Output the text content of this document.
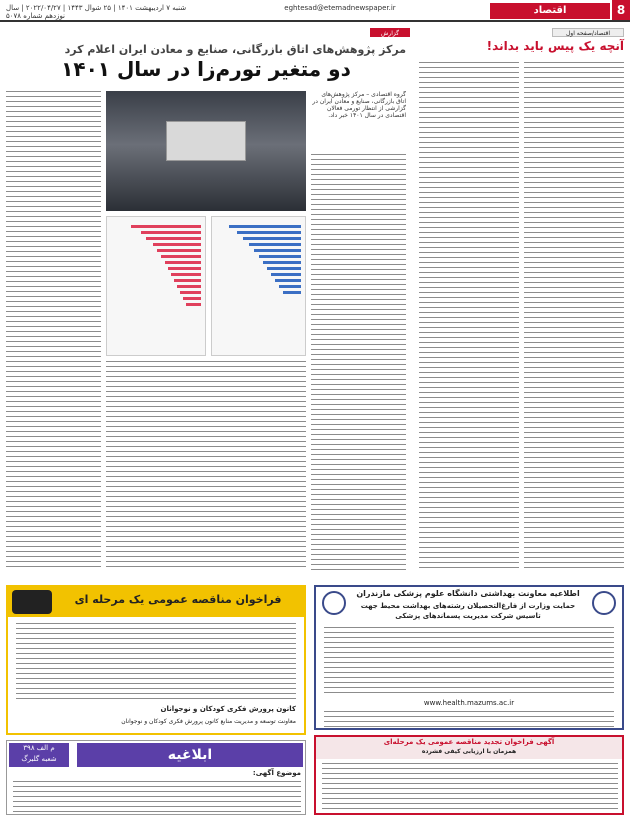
8
اقتصاد
eghtesad@etemadnewspaper.ir
شنبه ۷ اردیبهشت ۱۴۰۱ | ۲۵ شوال ۱۴۴۳ | ۲۰۲۲/۰۴/۲۷ | سال نوزدهم شماره ۵۰۷۸
اقتصاد/صفحه اول
گزارش
مرکز پژوهش‌های اتاق بازرگانی، صنایع و معادن ایران اعلام کرد
دو متغیر تورم‌زا در سال ۱۴۰۱
گروه اقتصادی – مرکز پژوهش‌های اتاق بازرگانی، صنایع و معادن ایران در گزارشی از انتظار تورمی فعالان اقتصادی در سال ۱۴۰۱ خبر داد.
آنچه یک پیس باید بداند!
فراخوان مناقصه عمومی یک مرحله ای
کانون پرورش فکری کودکان و نوجوانان
معاونت توسعه و مدیریت منابع کانون پرورش فکری کودکان و نوجوانان
م الف ۳۹۸
شعبه گلبرگ ۱۱۷۲۲۱۷
ابلاغیه
موضوع آگهی:
اطلاعیه معاونت بهداشتی دانشگاه علوم پزشکی مازندران
حمایت وزارت از فارغ‌التحصیلان رشته‌های بهداشت محیط جهت تاسیس شرکت مدیریت پسماندهای پزشکی
www.health.mazums.ac.ir
آگهی فراخوان تجدید مناقصه عمومی یک مرحله‌ای
همزمان با ارزیابی کیفی فشرده
